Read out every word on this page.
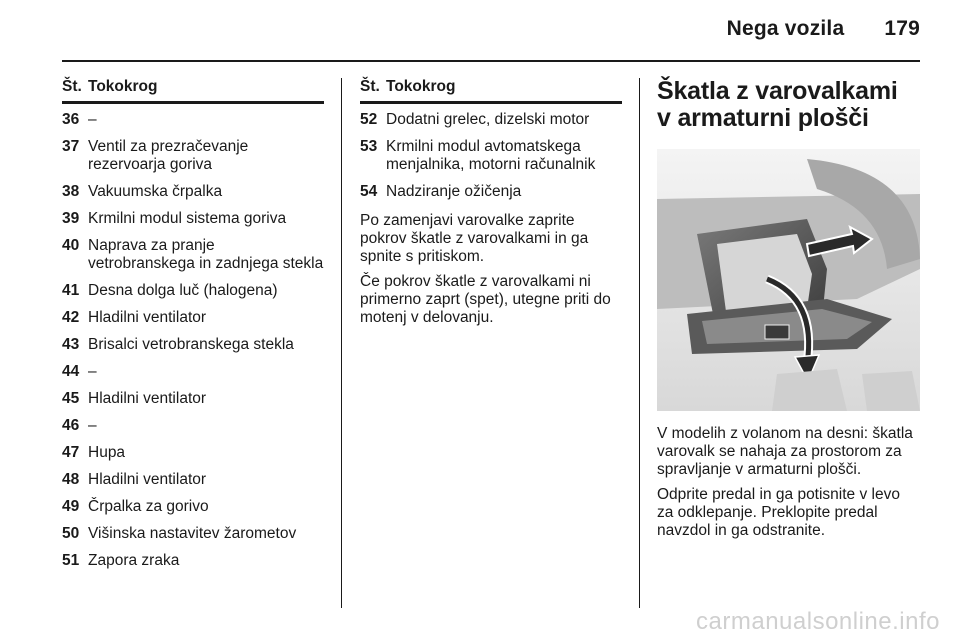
Nega vozila 179
Št. Tokokrog
36	–
37	Ventil za prezračevanje rezervoarja goriva
38	Vakuumska črpalka
39	Krmilni modul sistema goriva
40	Naprava za pranje vetrobranskega in zadnjega stekla
41	Desna dolga luč (halogena)
42	Hladilni ventilator
43	Brisalci vetrobranskega stekla
44	–
45	Hladilni ventilator
46	–
47	Hupa
48	Hladilni ventilator
49	Črpalka za gorivo
50	Višinska nastavitev žarometov
51	Zapora zraka
Št. Tokokrog
52	Dodatni grelec, dizelski motor
53	Krmilni modul avtomatskega menjalnika, motorni računalnik
54	Nadziranje ožičenja

Po zamenjavi varovalke zaprite pokrov škatle z varovalkami in ga spnite s pritiskom.

Če pokrov škatle z varovalkami ni primerno zaprt (spet), utegne priti do motenj v delovanju.

Škatla z varovalkami
v armaturni plošči

V modelih z volanom na desni: škatla varovalk se nahaja za prostorom za spravljanje v armaturni plošči.

Odprite predal in ga potisnite v levo za odklepanje. Preklopite predal navzdol in ga odstranite.

carmanualsonline.info
